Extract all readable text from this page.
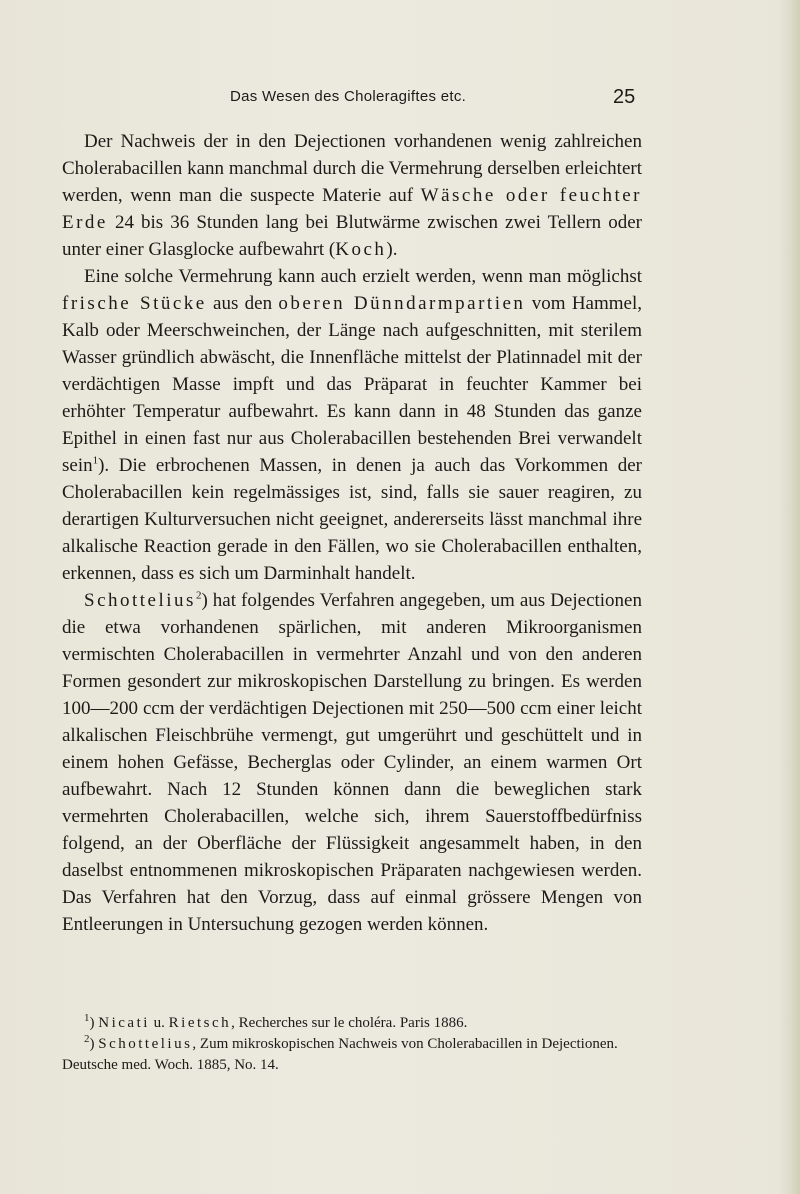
Das Wesen des Choleragiftes etc.	25

Der Nachweis der in den Dejectionen vorhandenen wenig zahlreichen Cholerabacillen kann manchmal durch die Vermehrung derselben erleichtert werden, wenn man die suspecte Materie auf Wäsche oder feuchter Erde 24 bis 36 Stunden lang bei Blutwärme zwischen zwei Tellern oder unter einer Glasglocke aufbewahrt (Koch).

Eine solche Vermehrung kann auch erzielt werden, wenn man möglichst frische Stücke aus den oberen Dünndarmpartien vom Hammel, Kalb oder Meerschweinchen, der Länge nach aufgeschnitten, mit sterilem Wasser gründlich abwäscht, die Innenfläche mittelst der Platinnadel mit der verdächtigen Masse impft und das Präparat in feuchter Kammer bei erhöhter Temperatur aufbewahrt. Es kann dann in 48 Stunden das ganze Epithel in einen fast nur aus Cholerabacillen bestehenden Brei verwandelt sein$^1$). Die erbrochenen Massen, in denen ja auch das Vorkommen der Cholerabacillen kein regelmässiges ist, sind, falls sie sauer reagiren, zu derartigen Kulturversuchen nicht geeignet, andererseits lässt manchmal ihre alkalische Reaction gerade in den Fällen, wo sie Cholerabacillen enthalten, erkennen, dass es sich um Darminhalt handelt.

Schottelius$^2$) hat folgendes Verfahren angegeben, um aus Dejectionen die etwa vorhandenen spärlichen, mit anderen Mikroorganismen vermischten Cholerabacillen in vermehrter Anzahl und von den anderen Formen gesondert zur mikroskopischen Darstellung zu bringen. Es werden 100—200 ccm der verdächtigen Dejectionen mit 250—500 ccm einer leicht alkalischen Fleischbrühe vermengt, gut umgerührt und geschüttelt und in einem hohen Gefässe, Becherglas oder Cylinder, an einem warmen Ort aufbewahrt. Nach 12 Stunden können dann die beweglichen stark vermehrten Cholerabacillen, welche sich, ihrem Sauerstoffbedürfniss folgend, an der Oberfläche der Flüssigkeit angesammelt haben, in den daselbst entnommenen mikroskopischen Präparaten nachgewiesen werden. Das Verfahren hat den Vorzug, dass auf einmal grössere Mengen von Entleerungen in Untersuchung gezogen werden können.

$^1$) Nicati u. Rietsch, Recherches sur le choléra. Paris 1886.

$^2$) Schottelius, Zum mikroskopischen Nachweis von Cholerabacillen in Dejectionen. Deutsche med. Woch. 1885, No. 14.
